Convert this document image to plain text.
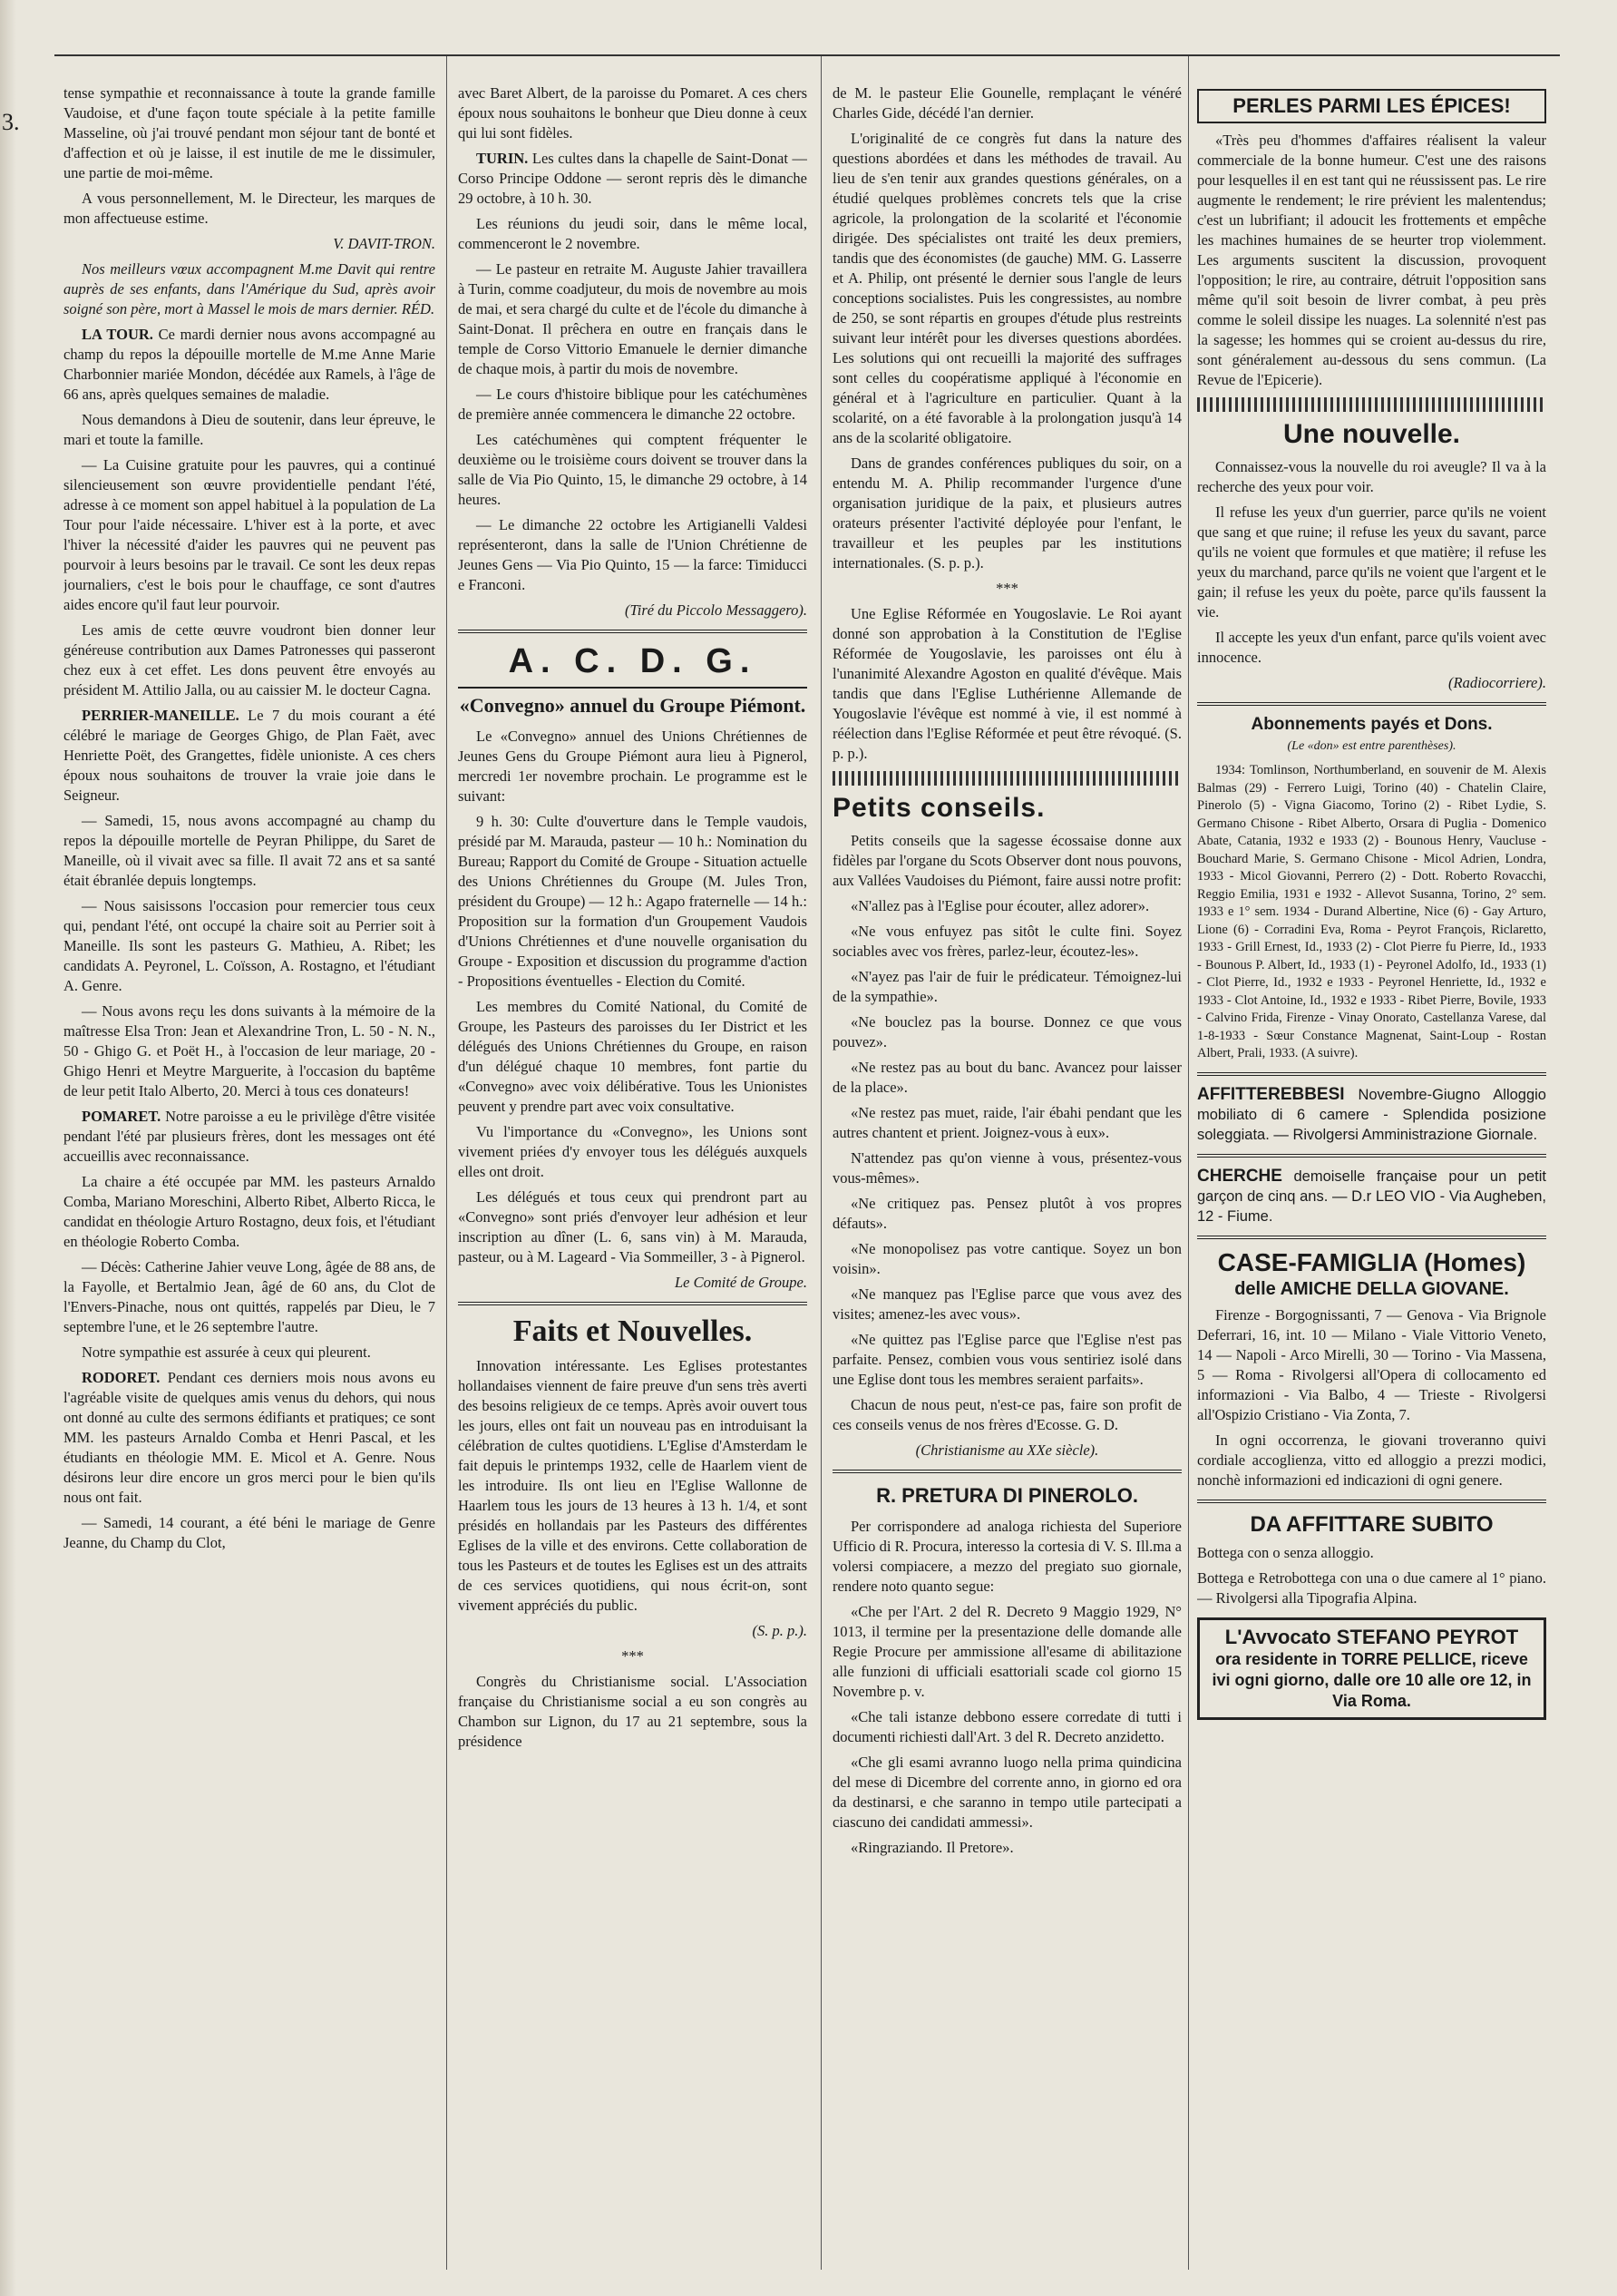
3.

tense sympathie et reconnaissance à toute la grande famille Vaudoise, et d'une façon toute spéciale à la petite famille Masseline, où j'ai trouvé pendant mon séjour tant de bonté et d'affection et où je laisse, il est inutile de me le dissimuler, une partie de moi-même.

A vous personnellement, M. le Directeur, les marques de mon affectueuse estime.

V. DAVIT-TRON.

Nos meilleurs vœux accompagnent M.me Davit qui rentre auprès de ses enfants, dans l'Amérique du Sud, après avoir soigné son père, mort à Massel le mois de mars dernier. RÉD.

LA TOUR. Ce mardi dernier nous avons accompagné au champ du repos la dépouille mortelle de M.me Anne Marie Charbonnier mariée Mondon, décédée aux Ramels, à l'âge de 66 ans, après quelques semaines de maladie.

Nous demandons à Dieu de soutenir, dans leur épreuve, le mari et toute la famille.

— La Cuisine gratuite pour les pauvres, qui a continué silencieusement son œuvre providentielle pendant l'été, adresse à ce moment son appel habituel à la population de La Tour pour l'aide nécessaire. L'hiver est à la porte, et avec l'hiver la nécessité d'aider les pauvres qui ne peuvent pas pourvoir à leurs besoins par le travail. Ce sont les deux repas journaliers, c'est le bois pour le chauffage, ce sont d'autres aides encore qu'il faut leur pourvoir.

Les amis de cette œuvre voudront bien donner leur généreuse contribution aux Dames Patronesses qui passeront chez eux à cet effet. Les dons peuvent être envoyés au président M. Attilio Jalla, ou au caissier M. le docteur Cagna.

PERRIER-MANEILLE. Le 7 du mois courant a été célébré le mariage de Georges Ghigo, de Plan Faët, avec Henriette Poët, des Grangettes, fidèle unioniste. A ces chers époux nous souhaitons de trouver la vraie joie dans le Seigneur.

— Samedi, 15, nous avons accompagné au champ du repos la dépouille mortelle de Peyran Philippe, du Saret de Maneille, où il vivait avec sa fille. Il avait 72 ans et sa santé était ébranlée depuis longtemps.

— Nous saisissons l'occasion pour remercier tous ceux qui, pendant l'été, ont occupé la chaire soit au Perrier soit à Maneille. Ils sont les pasteurs G. Mathieu, A. Ribet; les candidats A. Peyronel, L. Coïsson, A. Rostagno, et l'étudiant A. Genre.

— Nous avons reçu les dons suivants à la mémoire de la maîtresse Elsa Tron: Jean et Alexandrine Tron, L. 50 - N. N., 50 - Ghigo G. et Poët H., à l'occasion de leur mariage, 20 - Ghigo Henri et Meytre Marguerite, à l'occasion du baptême de leur petit Italo Alberto, 20. Merci à tous ces donateurs!

POMARET. Notre paroisse a eu le privilège d'être visitée pendant l'été par plusieurs frères, dont les messages ont été accueillis avec reconnaissance.

La chaire a été occupée par MM. les pasteurs Arnaldo Comba, Mariano Moreschini, Alberto Ribet, Alberto Ricca, le candidat en théologie Arturo Rostagno, deux fois, et l'étudiant en théologie Roberto Comba.

— Décès: Catherine Jahier veuve Long, âgée de 88 ans, de la Fayolle, et Bertalmio Jean, âgé de 60 ans, du Clot de l'Envers-Pinache, nous ont quittés, rappelés par Dieu, le 7 septembre l'une, et le 26 septembre l'autre.

Notre sympathie est assurée à ceux qui pleurent.

RODORET. Pendant ces derniers mois nous avons eu l'agréable visite de quelques amis venus du dehors, qui nous ont donné au culte des sermons édifiants et pratiques; ce sont MM. les pasteurs Arnaldo Comba et Henri Pascal, et les étudiants en théologie MM. E. Micol et A. Genre. Nous désirons leur dire encore un gros merci pour le bien qu'ils nous ont fait.

— Samedi, 14 courant, a été béni le mariage de Genre Jeanne, du Champ du Clot,

avec Baret Albert, de la paroisse du Pomaret. A ces chers époux nous souhaitons le bonheur que Dieu donne à ceux qui lui sont fidèles.

TURIN. Les cultes dans la chapelle de Saint-Donat — Corso Principe Oddone — seront repris dès le dimanche 29 octobre, à 10 h. 30.

Les réunions du jeudi soir, dans le même local, commenceront le 2 novembre.

— Le pasteur en retraite M. Auguste Jahier travaillera à Turin, comme coadjuteur, du mois de novembre au mois de mai, et sera chargé du culte et de l'école du dimanche à Saint-Donat. Il prêchera en outre en français dans le temple de Corso Vittorio Emanuele le dernier dimanche de chaque mois, à partir du mois de novembre.

— Le cours d'histoire biblique pour les catéchumènes de première année commencera le dimanche 22 octobre.

Les catéchumènes qui comptent fréquenter le deuxième ou le troisième cours doivent se trouver dans la salle de Via Pio Quinto, 15, le dimanche 29 octobre, à 14 heures.

— Le dimanche 22 octobre les Artigianelli Valdesi représenteront, dans la salle de l'Union Chrétienne de Jeunes Gens — Via Pio Quinto, 15 — la farce: Timiducci e Franconi.

(Tiré du Piccolo Messaggero).

A. C. D. G.
«Convegno» annuel du Groupe Piémont.

Le «Convegno» annuel des Unions Chrétiennes de Jeunes Gens du Groupe Piémont aura lieu à Pignerol, mercredi 1er novembre prochain. Le programme est le suivant:

9 h. 30: Culte d'ouverture dans le Temple vaudois, présidé par M. Marauda, pasteur — 10 h.: Nomination du Bureau; Rapport du Comité de Groupe - Situation actuelle des Unions Chrétiennes du Groupe (M. Jules Tron, président du Groupe) — 12 h.: Agapo fraternelle — 14 h.: Proposition sur la formation d'un Groupement Vaudois d'Unions Chrétiennes et d'une nouvelle organisation du Groupe - Exposition et discussion du programme d'action - Propositions éventuelles - Election du Comité.

Les membres du Comité National, du Comité de Groupe, les Pasteurs des paroisses du Ier District et les délégués des Unions Chrétiennes du Groupe, en raison d'un délégué chaque 10 membres, font partie du «Convegno» avec voix délibérative. Tous les Unionistes peuvent y prendre part avec voix consultative.

Vu l'importance du «Convegno», les Unions sont vivement priées d'y envoyer tous les délégués auxquels elles ont droit.

Les délégués et tous ceux qui prendront part au «Convegno» sont priés d'envoyer leur adhésion et leur inscription au dîner (L. 6, sans vin) à M. Marauda, pasteur, ou à M. Lageard - Via Sommeiller, 3 - à Pignerol.

Le Comité de Groupe.

Faits et Nouvelles.

Innovation intéressante. Les Eglises protestantes hollandaises viennent de faire preuve d'un sens très averti des besoins religieux de ce temps. Après avoir ouvert tous les jours, elles ont fait un nouveau pas en introduisant la célébration de cultes quotidiens. L'Eglise d'Amsterdam le fait depuis le printemps 1932, celle de Haarlem vient de les introduire. Ils ont lieu en l'Eglise Wallonne de Haarlem tous les jours de 13 heures à 13 h. 1/4, et sont présidés en hollandais par les Pasteurs des différentes Eglises de la ville et des environs. Cette collaboration de tous les Pasteurs et de toutes les Eglises est un des attraits de ces services quotidiens, qui nous écrit-on, sont vivement appréciés du public.

(S. p. p.).

***

Congrès du Christianisme social. L'Association française du Christianisme social a eu son congrès au Chambon sur Lignon, du 17 au 21 septembre, sous la présidence

de M. le pasteur Elie Gounelle, remplaçant le vénéré Charles Gide, décédé l'an dernier.

L'originalité de ce congrès fut dans la nature des questions abordées et dans les méthodes de travail. Au lieu de s'en tenir aux grandes questions générales, on a étudié quelques problèmes concrets tels que la crise agricole, la prolongation de la scolarité et l'économie dirigée. Des spécialistes ont traité les deux premiers, tandis que des économistes (de gauche) MM. G. Lasserre et A. Philip, ont présenté le dernier sous l'angle de leurs conceptions socialistes. Puis les congressistes, au nombre de 250, se sont répartis en groupes d'étude plus restreints suivant leur intérêt pour les diverses questions abordées. Les solutions qui ont recueilli la majorité des suffrages sont celles du coopératisme appliqué à l'économie en général et à l'agriculture en particulier. Quant à la scolarité, on a été favorable à la prolongation jusqu'à 14 ans de la scolarité obligatoire.

Dans de grandes conférences publiques du soir, on a entendu M. A. Philip recommander l'urgence d'une organisation juridique de la paix, et plusieurs autres orateurs présenter l'activité déployée pour l'enfant, le travailleur et les peuples par les institutions internationales. (S. p. p.).

***

Une Eglise Réformée en Yougoslavie. Le Roi ayant donné son approbation à la Constitution de l'Eglise Réformée de Yougoslavie, les paroisses ont élu à l'unanimité Alexandre Agoston en qualité d'évêque. Mais tandis que dans l'Eglise Luthérienne Allemande de Yougoslavie l'évêque est nommé à vie, il est nommé à réélection dans l'Eglise Réformée et peut être révoqué. (S. p. p.).

Petits conseils.

Petits conseils que la sagesse écossaise donne aux fidèles par l'organe du Scots Observer dont nous pouvons, aux Vallées Vaudoises du Piémont, faire aussi notre profit:

«N'allez pas à l'Eglise pour écouter, allez adorer».

«Ne vous enfuyez pas sitôt le culte fini. Soyez sociables avec vos frères, parlez-leur, écoutez-les».

«N'ayez pas l'air de fuir le prédicateur. Témoignez-lui de la sympathie».

«Ne bouclez pas la bourse. Donnez ce que vous pouvez».

«Ne restez pas au bout du banc. Avancez pour laisser de la place».

«Ne restez pas muet, raide, l'air ébahi pendant que les autres chantent et prient. Joignez-vous à eux».

N'attendez pas qu'on vienne à vous, présentez-vous vous-mêmes».

«Ne critiquez pas. Pensez plutôt à vos propres défauts».

«Ne monopolisez pas votre cantique. Soyez un bon voisin».

«Ne manquez pas l'Eglise parce que vous avez des visites; amenez-les avec vous».

«Ne quittez pas l'Eglise parce que l'Eglise n'est pas parfaite. Pensez, combien vous vous sentiriez isolé dans une Eglise dont tous les membres seraient parfaits».

Chacun de nous peut, n'est-ce pas, faire son profit de ces conseils venus de nos frères d'Ecosse. G. D.

(Christianisme au XXe siècle).

R. PRETURA DI PINEROLO.

Per corrispondere ad analoga richiesta del Superiore Ufficio di R. Procura, interesso la cortesia di V. S. Ill.ma a volersi compiacere, a mezzo del pregiato suo giornale, rendere noto quanto segue:

«Che per l'Art. 2 del R. Decreto 9 Maggio 1929, N° 1013, il termine per la presentazione delle domande alle Regie Procure per ammissione all'esame di abilitazione alle funzioni di ufficiali esattoriali scade col giorno 15 Novembre p. v.

«Che tali istanze debbono essere corredate di tutti i documenti richiesti dall'Art. 3 del R. Decreto anzidetto.

«Che gli esami avranno luogo nella prima quindicina del mese di Dicembre del corrente anno, in giorno ed ora da destinarsi, e che saranno in tempo utile partecipati a ciascuno dei candidati ammessi».

«Ringraziando. Il Pretore».

PERLES PARMI LES ÉPICES!

«Très peu d'hommes d'affaires réalisent la valeur commerciale de la bonne humeur. C'est une des raisons pour lesquelles il en est tant qui ne réussissent pas. Le rire augmente le rendement; le rire prévient les malentendus; c'est un lubrifiant; il adoucit les frottements et empêche les machines humaines de se heurter trop violemment. Les arguments suscitent la discussion, provoquent l'opposition; le rire, au contraire, détruit l'opposition sans même qu'il soit besoin de livrer combat, à peu près comme le soleil dissipe les nuages. La solennité n'est pas la sagesse; les hommes qui se croient au-dessus du rire, sont généralement au-dessous du sens commun. (La Revue de l'Epicerie).

Une nouvelle.

Connaissez-vous la nouvelle du roi aveugle? Il va à la recherche des yeux pour voir.

Il refuse les yeux d'un guerrier, parce qu'ils ne voient que sang et que ruine; il refuse les yeux du savant, parce qu'ils ne voient que formules et que matière; il refuse les yeux du marchand, parce qu'ils ne voient que l'argent et le gain; il refuse les yeux du poète, parce qu'ils faussent la vie.

Il accepte les yeux d'un enfant, parce qu'ils voient avec innocence.

(Radiocorriere).

Abonnements payés et Dons.

(Le «don» est entre parenthèses).

1934: Tomlinson, Northumberland, en souvenir de M. Alexis Balmas (29) - Ferrero Luigi, Torino (40) - Chatelin Claire, Pinerolo (5) - Vigna Giacomo, Torino (2) - Ribet Lydie, S. Germano Chisone - Ribet Alberto, Orsara di Puglia - Domenico Abate, Catania, 1932 e 1933 (2) - Bounous Henry, Vaucluse - Bouchard Marie, S. Germano Chisone - Micol Adrien, Londra, 1933 - Micol Giovanni, Perrero (2) - Dott. Roberto Rovacchi, Reggio Emilia, 1931 e 1932 - Allevot Susanna, Torino, 2° sem. 1933 e 1° sem. 1934 - Durand Albertine, Nice (6) - Gay Arturo, Lione (6) - Corradini Eva, Roma - Peyrot François, Riclaretto, 1933 - Grill Ernest, Id., 1933 (2) - Clot Pierre fu Pierre, Id., 1933 - Bounous P. Albert, Id., 1933 (1) - Peyronel Adolfo, Id., 1933 (1) - Clot Pierre, Id., 1932 e 1933 - Peyronel Henriette, Id., 1932 e 1933 - Clot Antoine, Id., 1932 e 1933 - Ribet Pierre, Bovile, 1933 - Calvino Frida, Firenze - Vinay Onorato, Castellanza Varese, dal 1-8-1933 - Sœur Constance Magnenat, Saint-Loup - Rostan Albert, Prali, 1933. (A suivre).

AFFITTEREBBESI Novembre-Giugno Alloggio mobiliato di 6 camere - Splendida posizione soleggiata. — Rivolgersi Amministrazione Giornale.

CHERCHE demoiselle française pour un petit garçon de cinq ans. — D.r LEO VIO - Via Augheben, 12 - Fiume.

CASE-FAMIGLIA (Homes)
delle AMICHE DELLA GIOVANE.

Firenze - Borgognissanti, 7 — Genova - Via Brignole Deferrari, 16, int. 10 — Milano - Viale Vittorio Veneto, 14 — Napoli - Arco Mirelli, 30 — Torino - Via Massena, 5 — Roma - Rivolgersi all'Opera di collocamento ed informazioni - Via Balbo, 4 — Trieste - Rivolgersi all'Ospizio Cristiano - Via Zonta, 7.

In ogni occorrenza, le giovani troveranno quivi cordiale accoglienza, vitto ed alloggio a prezzi modici, nonchè informazioni ed indicazioni di ogni genere.

DA AFFITTARE SUBITO

Bottega con o senza alloggio.

Bottega e Retrobottega con una o due camere al 1° piano. — Rivolgersi alla Tipografia Alpina.

L'Avvocato STEFANO PEYROT
ora residente in TORRE PELLICE, riceve ivi ogni giorno, dalle ore 10 alle ore 12, in Via Roma.
